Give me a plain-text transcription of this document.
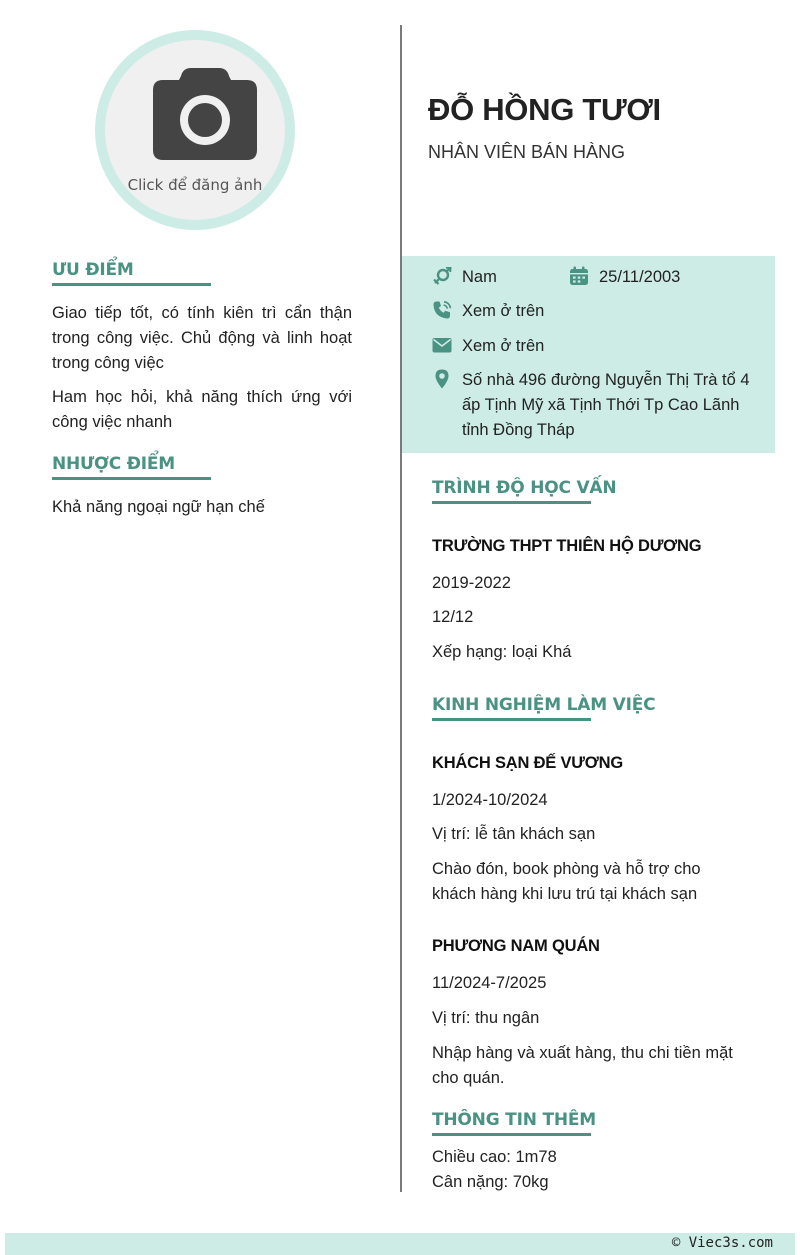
Click để đăng ảnh
ƯU ĐIỂM

Giao tiếp tốt, có tính kiên trì cẩn thận trong công việc. Chủ động và linh hoạt trong công việc

Ham học hỏi, khả năng thích ứng với công việc nhanh

NHƯỢC ĐIỂM

Khả năng ngoại ngữ hạn chế

ĐỖ HỒNG TƯƠI
NHÂN VIÊN BÁN HÀNG
Nam	25/11/2003
Xem ở trên
Xem ở trên
Số nhà 496 đường Nguyễn Thị Trà tổ 4 ấp Tịnh Mỹ xã Tịnh Thới Tp Cao Lãnh tỉnh Đồng Tháp
TRÌNH ĐỘ HỌC VẤN
TRƯỜNG THPT THIÊN HỘ DƯƠNG
2019-2022
12/12
Xếp hạng: loại Khá
KINH NGHIỆM LÀM VIỆC
KHÁCH SẠN ĐẾ VƯƠNG
1/2024-10/2024
Vị trí: lễ tân khách sạn
Chào đón, book phòng và hỗ trợ cho khách hàng khi lưu trú tại khách sạn
PHƯƠNG NAM QUÁN
11/2024-7/2025
Vị trí: thu ngân
Nhập hàng và xuất hàng, thu chi tiền mặt cho quán.
THÔNG TIN THÊM
Chiều cao: 1m78
Cân nặng: 70kg
© Viec3s.com
